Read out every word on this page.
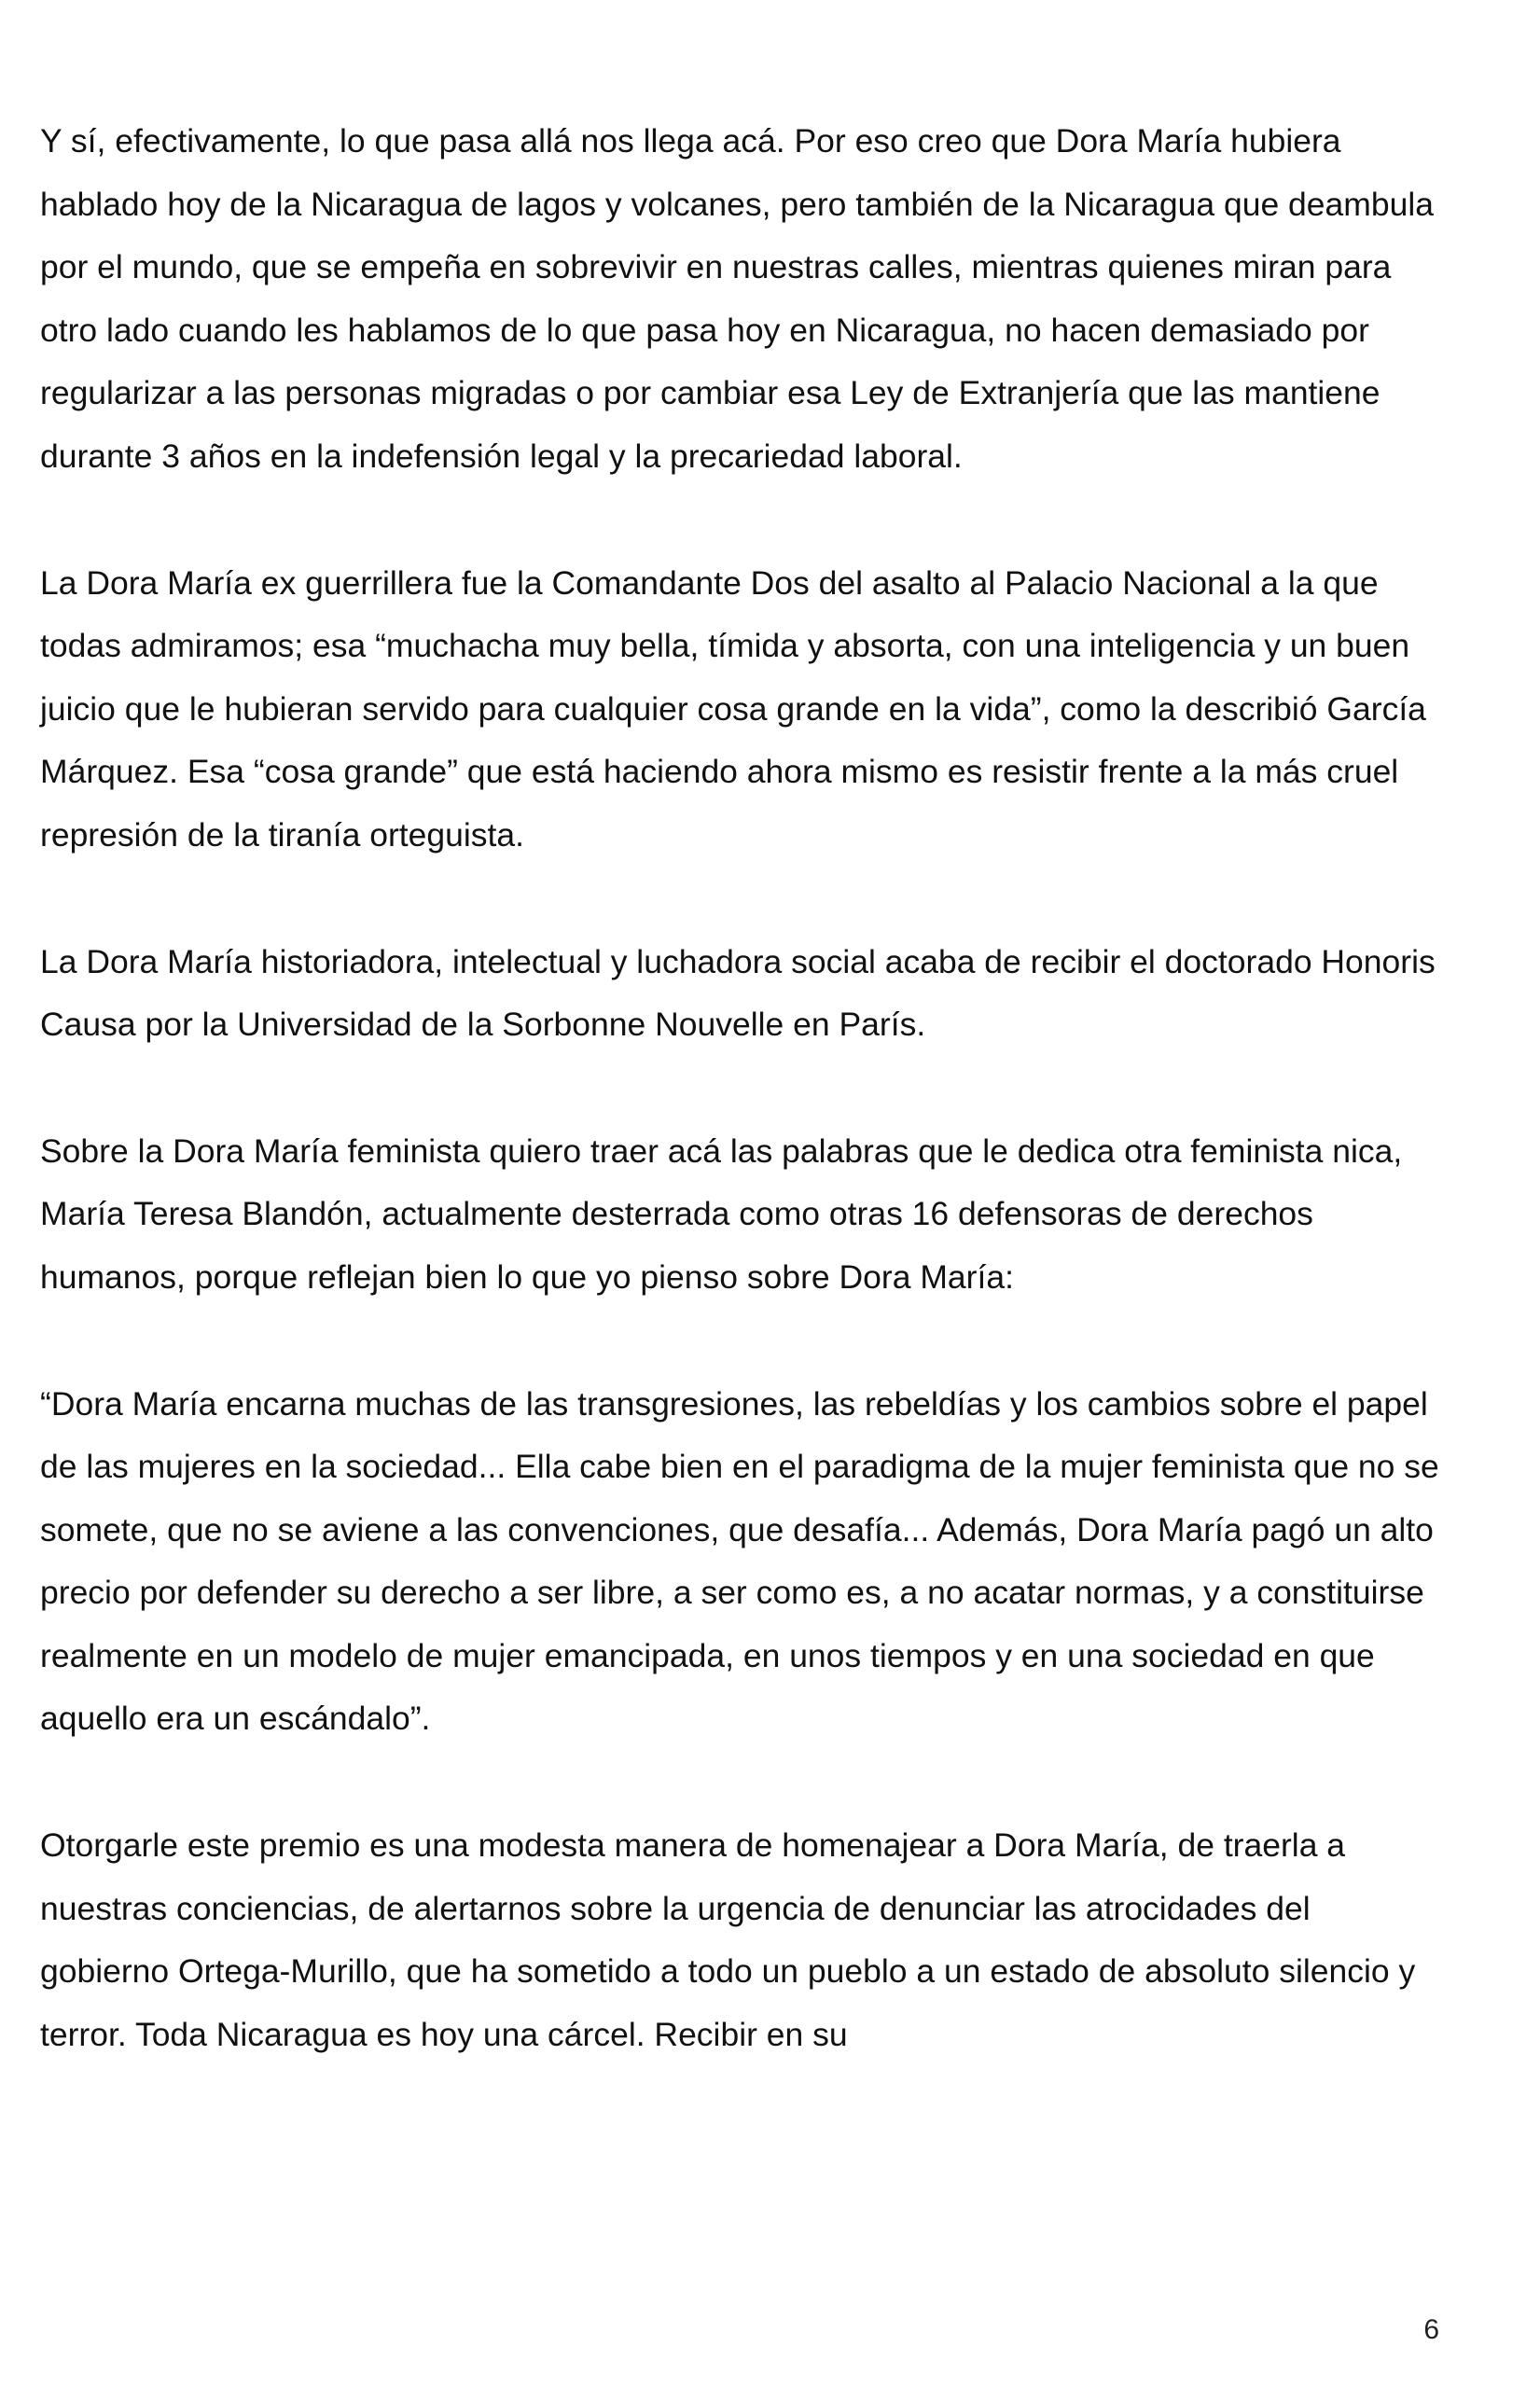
Y sí, efectivamente, lo que pasa allá nos llega acá. Por eso creo que Dora María hubiera hablado hoy de la Nicaragua de lagos y volcanes, pero también de la Nicaragua que deambula por el mundo, que se empeña en sobrevivir en nuestras calles, mientras quienes miran para otro lado cuando les hablamos de lo que pasa hoy en Nicaragua, no hacen demasiado por regularizar a las personas migradas o por cambiar esa Ley de Extranjería que las mantiene durante 3 años en la indefensión legal y la precariedad laboral.

La Dora María ex guerrillera fue la Comandante Dos del asalto al Palacio Nacional a la que todas admiramos; esa “muchacha muy bella, tímida y absorta, con una inteligencia y un buen juicio que le hubieran servido para cualquier cosa grande en la vida”, como la describió García Márquez. Esa “cosa grande” que está haciendo ahora mismo es resistir frente a la más cruel represión de la tiranía orteguista.

La Dora María historiadora, intelectual y luchadora social acaba de recibir el doctorado Honoris Causa por la Universidad de la Sorbonne Nouvelle en París.

Sobre la Dora María feminista quiero traer acá las palabras que le dedica otra feminista nica, María Teresa Blandón, actualmente desterrada como otras 16 defensoras de derechos humanos, porque reflejan bien lo que yo pienso sobre Dora María:

“Dora María encarna muchas de las transgresiones, las rebeldías y los cambios sobre el papel de las mujeres en la sociedad... Ella cabe bien en el paradigma de la mujer feminista que no se somete, que no se aviene a las convenciones, que desafía... Además, Dora María pagó un alto precio por defender su derecho a ser libre, a ser como es, a no acatar normas, y a constituirse realmente en un modelo de mujer emancipada, en unos tiempos y en una sociedad en que aquello era un escándalo”.

Otorgarle este premio es una modesta manera de homenajear a Dora María, de traerla a nuestras conciencias, de alertarnos sobre la urgencia de denunciar las atrocidades del gobierno Ortega-Murillo, que ha sometido a todo un pueblo a un estado de absoluto silencio y terror. Toda Nicaragua es hoy una cárcel. Recibir en su

6
